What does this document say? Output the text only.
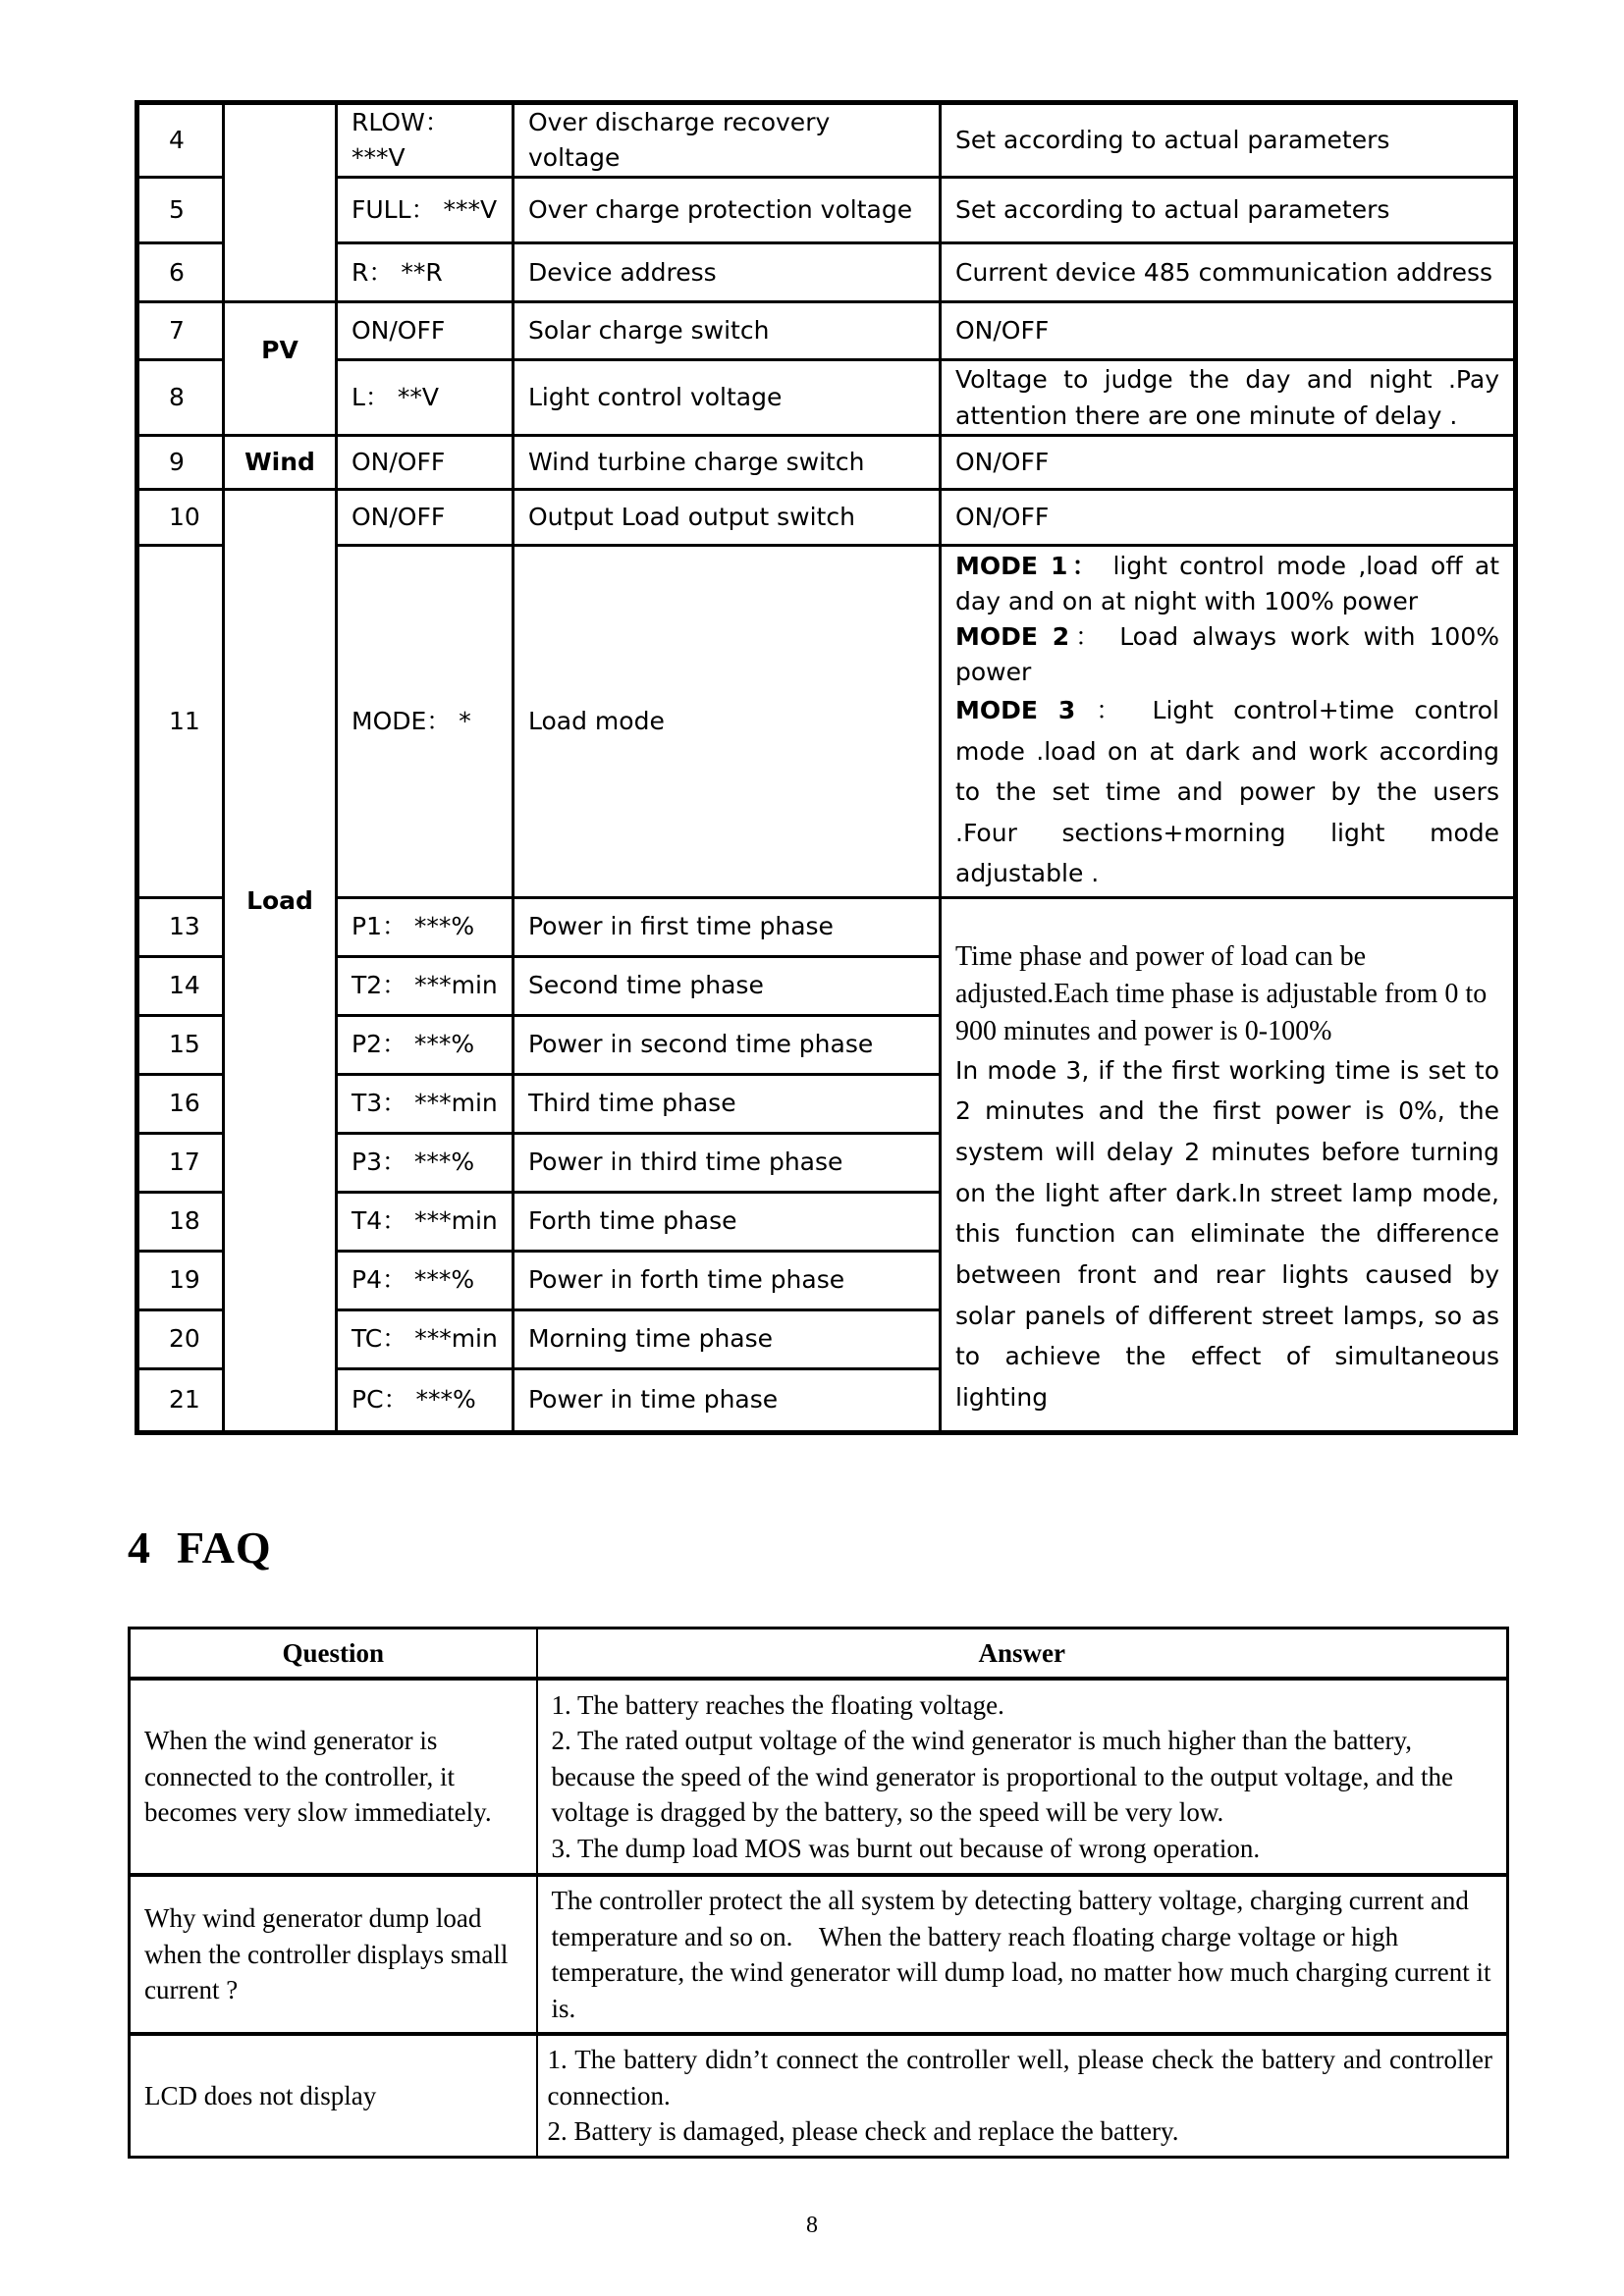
4		RLOW：***V	Over discharge recovery voltage	Set according to actual parameters
5		FULL： ***V	Over charge protection voltage	Set according to actual parameters
6		R： **R	Device address	Current device 485 communication address
7	PV	ON/OFF	Solar charge switch	ON/OFF
8		L： **V	Light control voltage	Voltage to judge the day and night .Pay attention there are one minute of delay .
9	Wind	ON/OFF	Wind turbine charge switch	ON/OFF
10	Load	ON/OFF	Output Load output switch	ON/OFF
11		MODE： *	Load mode	MODE 1： light control mode ,load off at day and on at night with 100% power
MODE 2： Load always work with 100% power
MODE 3 ： Light control+time control mode .load on at dark and work according to the set time and power by the users .Four sections+morning light mode adjustable .

13		P1： ***%	Power in first time phase	Time phase and power of load can be adjusted.Each time phase is adjustable from 0 to 900 minutes and power is 0-100%
In mode 3, if the first working time is set to 2 minutes and the first power is 0%, the system will delay 2 minutes before turning on the light after dark.In street lamp mode, this function can eliminate the difference between front and rear lights caused by solar panels of different street lamps, so as to achieve the effect of simultaneous lighting

14		T2： ***min	Second time phase	
15		P2： ***%	Power in second time phase	
16		T3： ***min	Third time phase	
17		P3： ***%	Power in third time phase	
18		T4： ***min	Forth time phase	
19		P4： ***%	Power in forth time phase	
20		TC： ***min	Morning time phase	
21		PC： ***%	Power in time phase	
4 FAQ
Question	Answer
When the wind generator is connected to the controller, it becomes very slow immediately.	1. The battery reaches the floating voltage.
2. The rated output voltage of the wind generator is much higher than the battery, because the speed of the wind generator is proportional to the output voltage, and the voltage is dragged by the battery, so the speed will be very low.
3. The dump load MOS was burnt out because of wrong operation.

Why wind generator dump load when the controller displays small current ?	The controller protect the all system by detecting battery voltage, charging current and temperature and so on.    When the battery reach floating charge voltage or high temperature, the wind generator will dump load, no matter how much charging current it is.

LCD does not display	1. The battery didn’t connect the controller well, please check the battery and controller connection.
2. Battery is damaged, please check and replace the battery.
8
